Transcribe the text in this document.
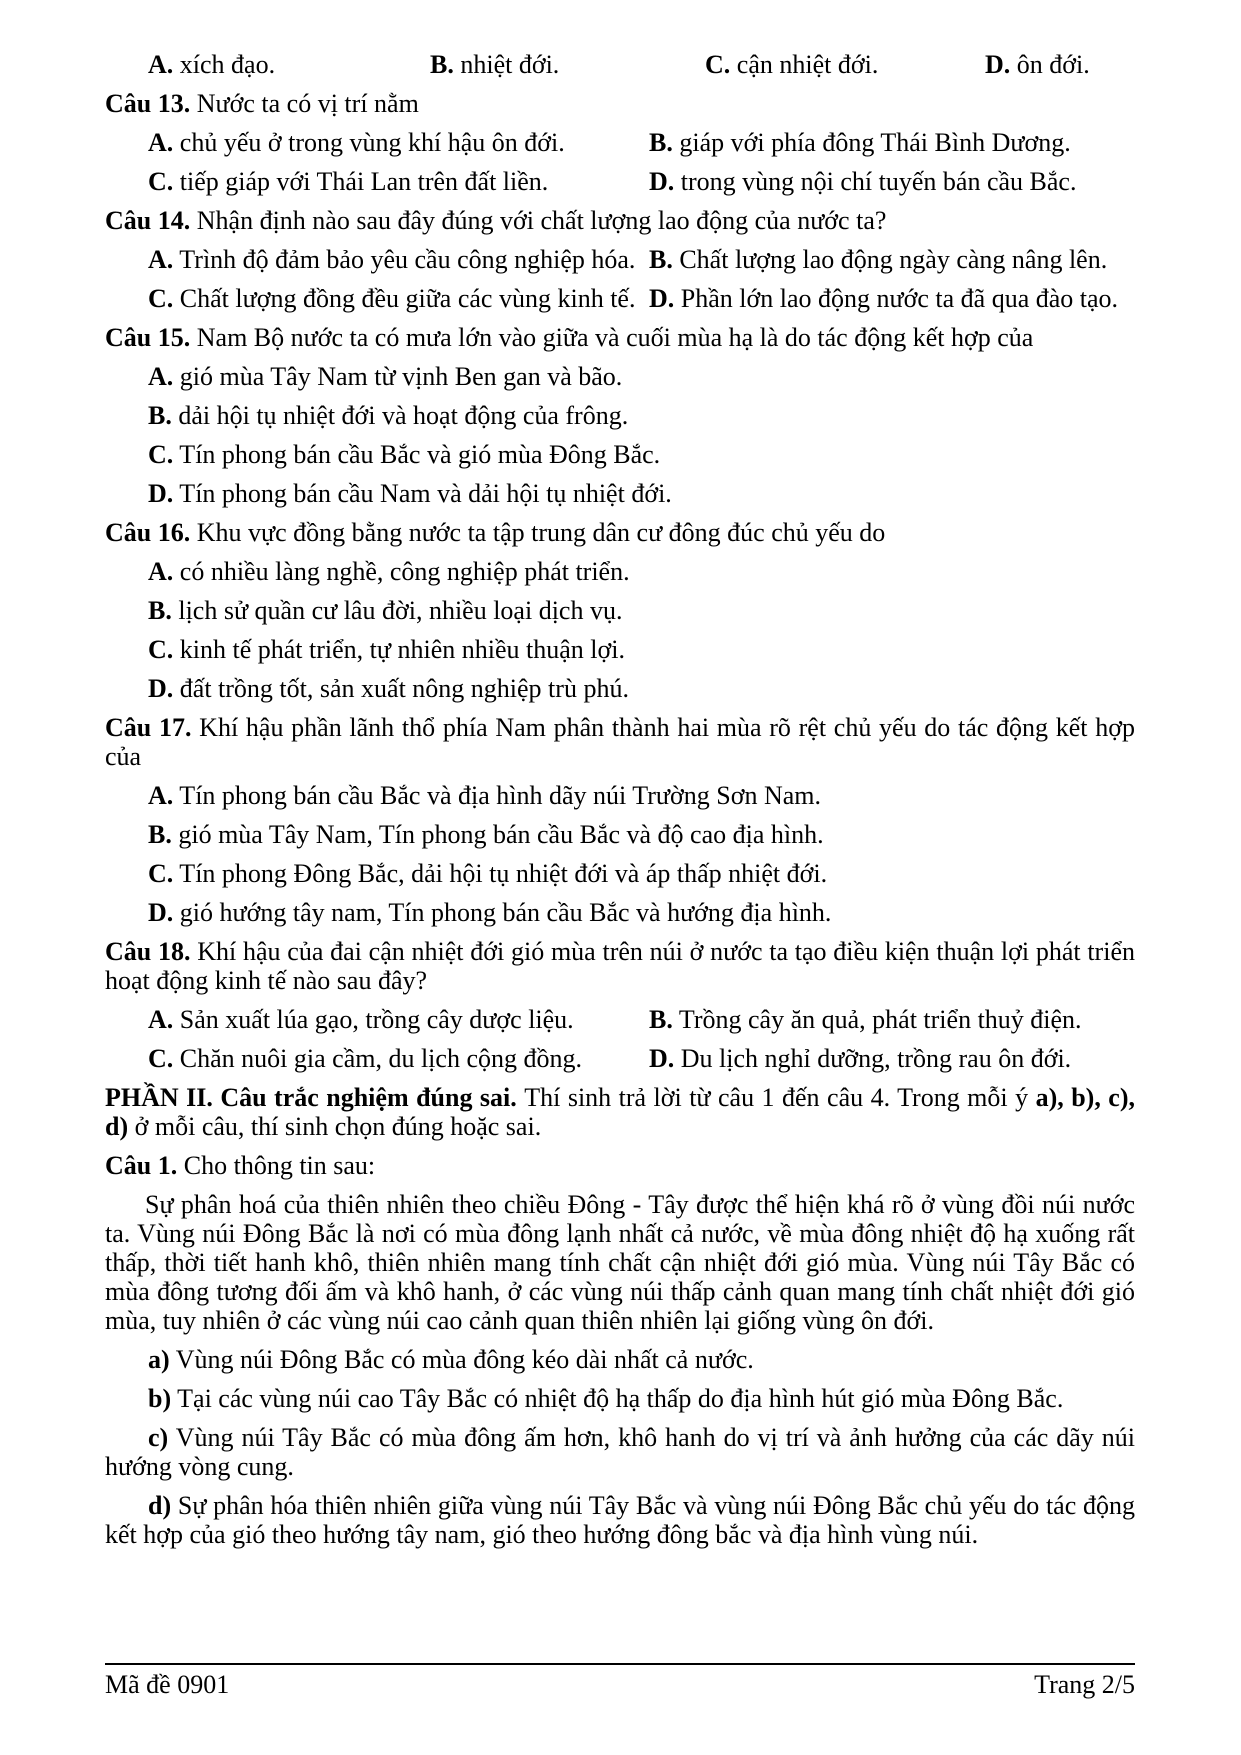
A. xích đạo.	B. nhiệt đới.	C. cận nhiệt đới.	D. ôn đới.
Câu 13. Nước ta có vị trí nằm
A. chủ yếu ở trong vùng khí hậu ôn đới.	B. giáp với phía đông Thái Bình Dương.
C. tiếp giáp với Thái Lan trên đất liền.	D. trong vùng nội chí tuyến bán cầu Bắc.
Câu 14. Nhận định nào sau đây đúng với chất lượng lao động của nước ta?
A. Trình độ đảm bảo yêu cầu công nghiệp hóa. B. Chất lượng lao động ngày càng nâng lên.
C. Chất lượng đồng đều giữa các vùng kinh tế. D. Phần lớn lao động nước ta đã qua đào tạo.
Câu 15. Nam Bộ nước ta có mưa lớn vào giữa và cuối mùa hạ là do tác động kết hợp của
A. gió mùa Tây Nam từ vịnh Ben gan và bão.
B. dải hội tụ nhiệt đới và hoạt động của frông.
C. Tín phong bán cầu Bắc và gió mùa Đông Bắc.
D. Tín phong bán cầu Nam và dải hội tụ nhiệt đới.
Câu 16. Khu vực đồng bằng nước ta tập trung dân cư đông đúc chủ yếu do
A. có nhiều làng nghề, công nghiệp phát triển.
B. lịch sử quần cư lâu đời, nhiều loại dịch vụ.
C. kinh tế phát triển, tự nhiên nhiều thuận lợi.
D. đất trồng tốt, sản xuất nông nghiệp trù phú.
Câu 17. Khí hậu phần lãnh thổ phía Nam phân thành hai mùa rõ rệt chủ yếu do tác động kết hợp của
A. Tín phong bán cầu Bắc và địa hình dãy núi Trường Sơn Nam.
B. gió mùa Tây Nam, Tín phong bán cầu Bắc và độ cao địa hình.
C. Tín phong Đông Bắc, dải hội tụ nhiệt đới và áp thấp nhiệt đới.
D. gió hướng tây nam, Tín phong bán cầu Bắc và hướng địa hình.
Câu 18. Khí hậu của đai cận nhiệt đới gió mùa trên núi ở nước ta tạo điều kiện thuận lợi phát triển hoạt động kinh tế nào sau đây?
A. Sản xuất lúa gạo, trồng cây dược liệu.	B. Trồng cây ăn quả, phát triển thuỷ điện.
C. Chăn nuôi gia cầm, du lịch cộng đồng.	D. Du lịch nghỉ dưỡng, trồng rau ôn đới.
PHẦN II. Câu trắc nghiệm đúng sai. Thí sinh trả lời từ câu 1 đến câu 4. Trong mỗi ý a), b), c), d) ở mỗi câu, thí sinh chọn đúng hoặc sai.
Câu 1. Cho thông tin sau:
Sự phân hoá của thiên nhiên theo chiều Đông - Tây được thể hiện khá rõ ở vùng đồi núi nước ta. Vùng núi Đông Bắc là nơi có mùa đông lạnh nhất cả nước, về mùa đông nhiệt độ hạ xuống rất thấp, thời tiết hanh khô, thiên nhiên mang tính chất cận nhiệt đới gió mùa. Vùng núi Tây Bắc có mùa đông tương đối ấm và khô hanh, ở các vùng núi thấp cảnh quan mang tính chất nhiệt đới gió mùa, tuy nhiên ở các vùng núi cao cảnh quan thiên nhiên lại giống vùng ôn đới.
a) Vùng núi Đông Bắc có mùa đông kéo dài nhất cả nước.
b) Tại các vùng núi cao Tây Bắc có nhiệt độ hạ thấp do địa hình hút gió mùa Đông Bắc.
c) Vùng núi Tây Bắc có mùa đông ấm hơn, khô hanh do vị trí và ảnh hưởng của các dãy núi hướng vòng cung.
d) Sự phân hóa thiên nhiên giữa vùng núi Tây Bắc và vùng núi Đông Bắc chủ yếu do tác động kết hợp của gió theo hướng tây nam, gió theo hướng đông bắc và địa hình vùng núi.
Mã đề 0901	Trang 2/5
